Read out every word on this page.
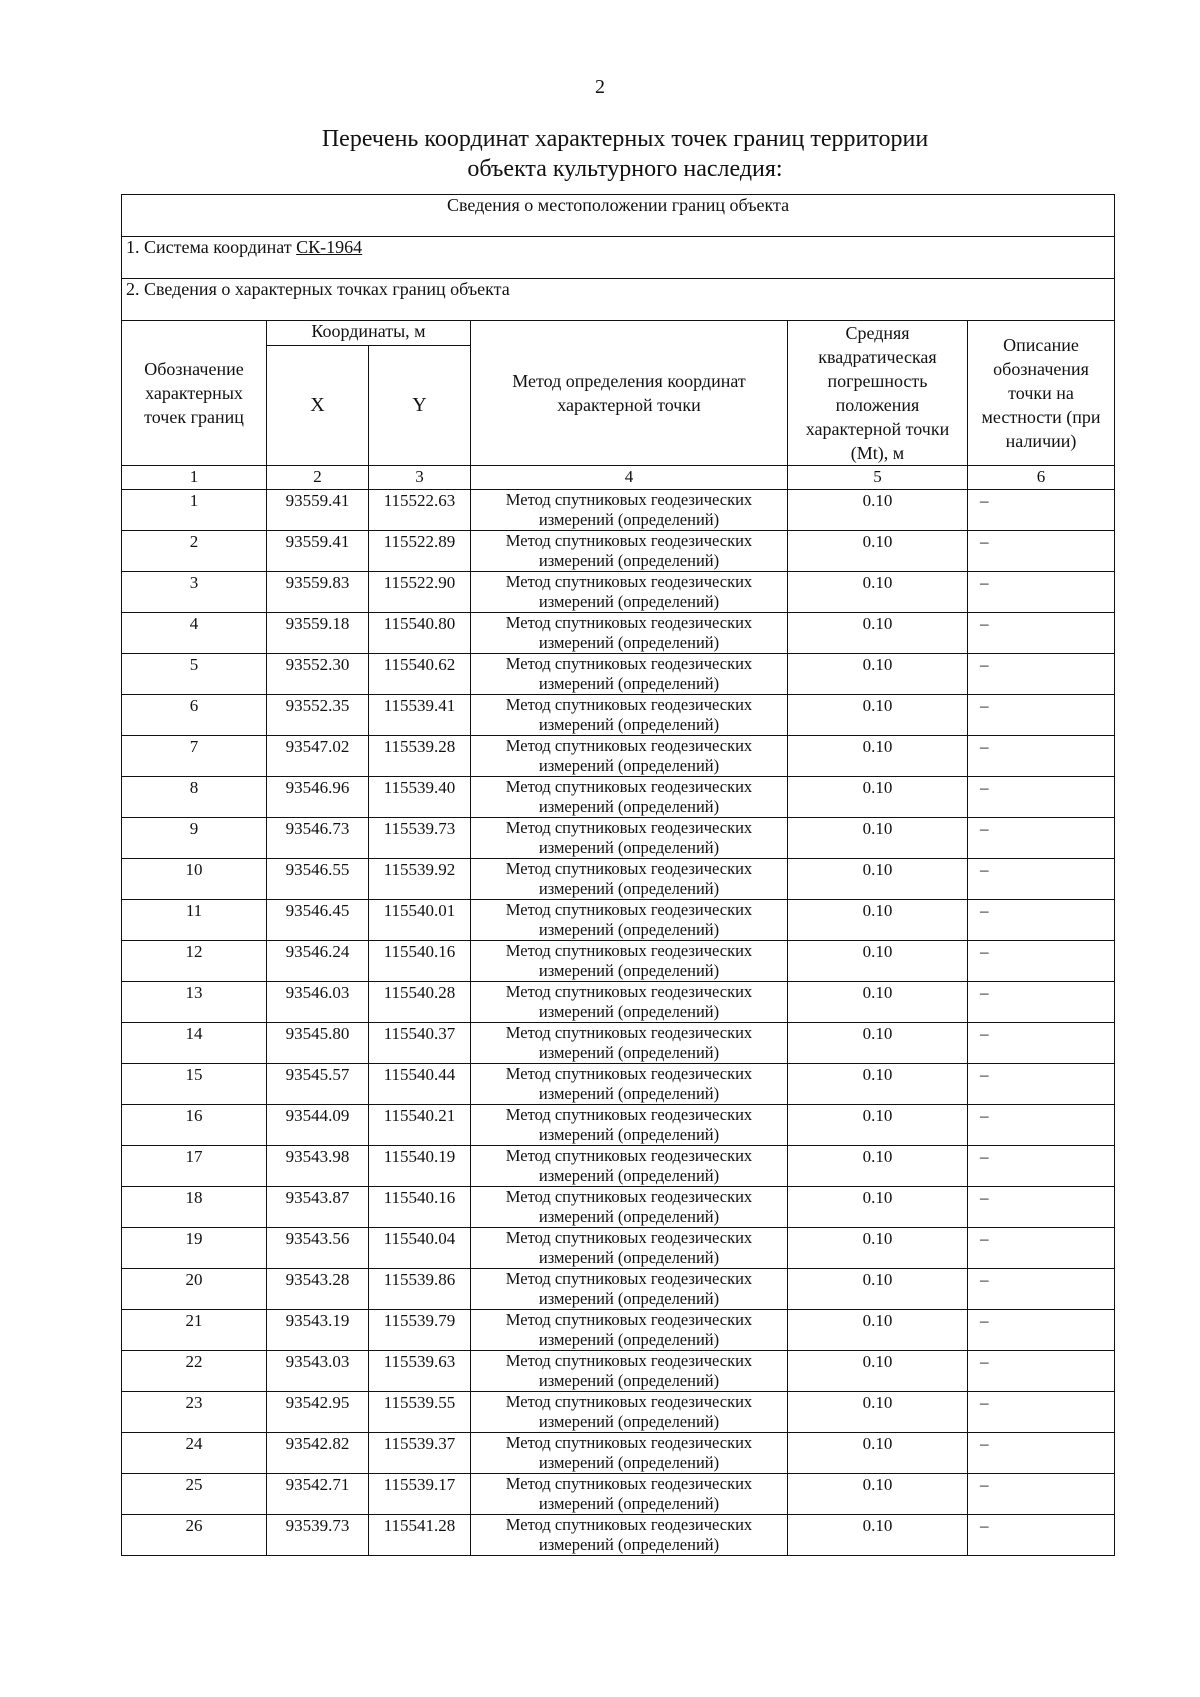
2
Перечень координат характерных точек границ территории
объекта культурного наследия:
Сведения о местоположении границ объекта					
1. Система координат СК-1964					
2. Сведения о характерных точках границ объекта					
Обозначение характерных точек границ	Координаты, м		Метод определения координат характерной точки	Средняя квадратическая погрешность положения характерной точки (Mt), м	Описание обозначения точки на местности (при наличии)
	X	Y			
1	2	3	4	5	6
1	93559.41	115522.63	Метод спутниковых геодезических измерений (определений)	0.10	–
2	93559.41	115522.89	Метод спутниковых геодезических измерений (определений)	0.10	–
3	93559.83	115522.90	Метод спутниковых геодезических измерений (определений)	0.10	–
4	93559.18	115540.80	Метод спутниковых геодезических измерений (определений)	0.10	–
5	93552.30	115540.62	Метод спутниковых геодезических измерений (определений)	0.10	–
6	93552.35	115539.41	Метод спутниковых геодезических измерений (определений)	0.10	–
7	93547.02	115539.28	Метод спутниковых геодезических измерений (определений)	0.10	–
8	93546.96	115539.40	Метод спутниковых геодезических измерений (определений)	0.10	–
9	93546.73	115539.73	Метод спутниковых геодезических измерений (определений)	0.10	–
10	93546.55	115539.92	Метод спутниковых геодезических измерений (определений)	0.10	–
11	93546.45	115540.01	Метод спутниковых геодезических измерений (определений)	0.10	–
12	93546.24	115540.16	Метод спутниковых геодезических измерений (определений)	0.10	–
13	93546.03	115540.28	Метод спутниковых геодезических измерений (определений)	0.10	–
14	93545.80	115540.37	Метод спутниковых геодезических измерений (определений)	0.10	–
15	93545.57	115540.44	Метод спутниковых геодезических измерений (определений)	0.10	–
16	93544.09	115540.21	Метод спутниковых геодезических измерений (определений)	0.10	–
17	93543.98	115540.19	Метод спутниковых геодезических измерений (определений)	0.10	–
18	93543.87	115540.16	Метод спутниковых геодезических измерений (определений)	0.10	–
19	93543.56	115540.04	Метод спутниковых геодезических измерений (определений)	0.10	–
20	93543.28	115539.86	Метод спутниковых геодезических измерений (определений)	0.10	–
21	93543.19	115539.79	Метод спутниковых геодезических измерений (определений)	0.10	–
22	93543.03	115539.63	Метод спутниковых геодезических измерений (определений)	0.10	–
23	93542.95	115539.55	Метод спутниковых геодезических измерений (определений)	0.10	–
24	93542.82	115539.37	Метод спутниковых геодезических измерений (определений)	0.10	–
25	93542.71	115539.17	Метод спутниковых геодезических измерений (определений)	0.10	–
26	93539.73	115541.28	Метод спутниковых геодезических измерений (определений)	0.10	–
